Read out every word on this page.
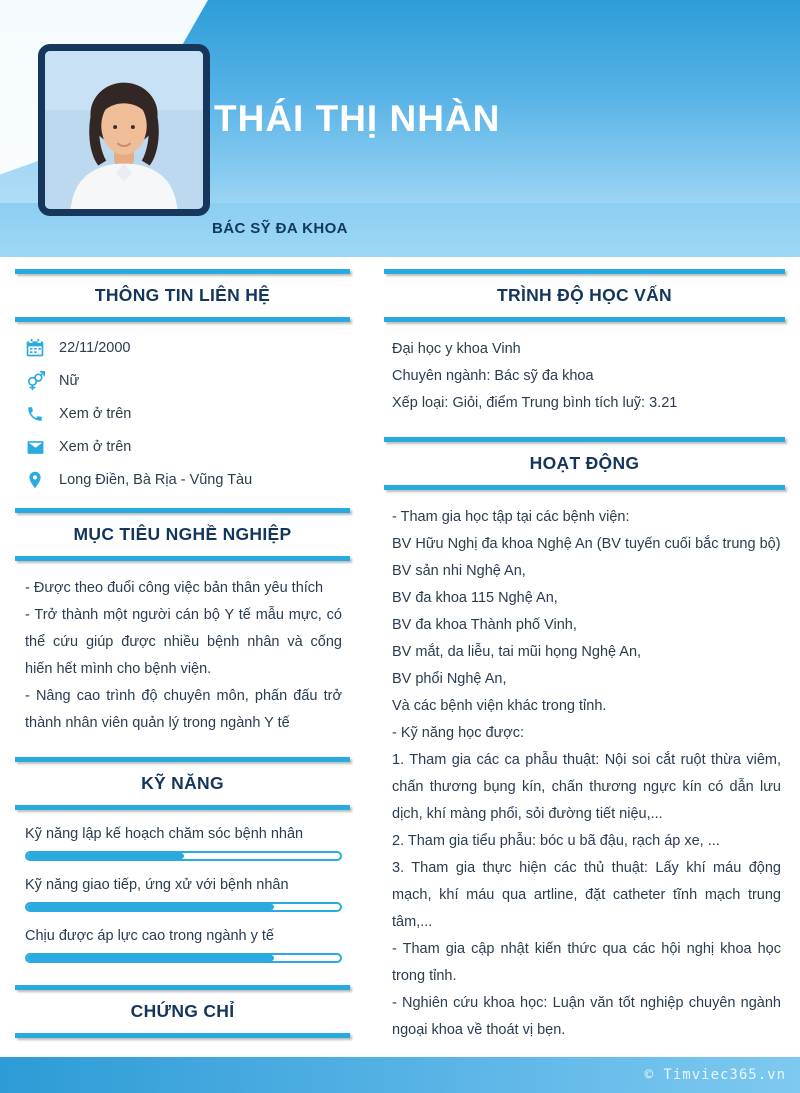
THÁI THỊ NHÀN
BÁC SỸ ĐA KHOA
THÔNG TIN LIÊN HỆ
22/11/2000
Nữ
Xem ở trên
Xem ở trên
Long Điền, Bà Rịa - Vũng Tàu
MỤC TIÊU NGHỀ NGHIỆP

- Được theo đuổi công việc bản thân yêu thích

- Trở thành một người cán bộ Y tế mẫu mực, có thể cứu giúp được nhiều bệnh nhân và cống hiến hết mình cho bệnh viện.

- Nâng cao trình độ chuyên môn, phấn đấu trở thành nhân viên quản lý trong ngành Y tế

KỸ NĂNG
Kỹ năng lập kế hoạch chăm sóc bệnh nhân
Kỹ năng giao tiếp, ứng xử với bệnh nhân
Chịu được áp lực cao trong ngành y tế
CHỨNG CHỈ

TRÌNH ĐỘ HỌC VẤN
Đại học y khoa Vinh
Chuyên ngành: Bác sỹ đa khoa
Xếp loại: Giỏi, điểm Trung bình tích luỹ: 3.21
HOẠT ĐỘNG
- Tham gia học tập tại các bệnh viện:
BV Hữu Nghị đa khoa Nghệ An (BV tuyến cuối bắc trung bộ)
BV sản nhi Nghệ An,
BV đa khoa 115 Nghệ An,
BV đa khoa Thành phố Vinh,
BV mắt, da liễu, tai mũi họng Nghệ An,
BV phổi Nghệ An,
Và các bệnh viện khác trong tỉnh.
- Kỹ năng học được:
1. Tham gia các ca phẫu thuật: Nội soi cắt ruột thừa viêm, chấn thương bụng kín, chấn thương ngực kín có dẫn lưu dịch, khí màng phổi, sỏi đường tiết niệu,...
2. Tham gia tiểu phẫu: bóc u bã đậu, rạch áp xe, ...
3. Tham gia thực hiện các thủ thuật: Lấy khí máu động mạch, khí máu qua artline, đặt catheter tĩnh mạch trung tâm,...
- Tham gia cập nhật kiến thức qua các hội nghị khoa học trong tỉnh.
- Nghiên cứu khoa học: Luận văn tốt nghiệp chuyên ngành ngoại khoa về thoát vị bẹn.
© Timviec365.vn
